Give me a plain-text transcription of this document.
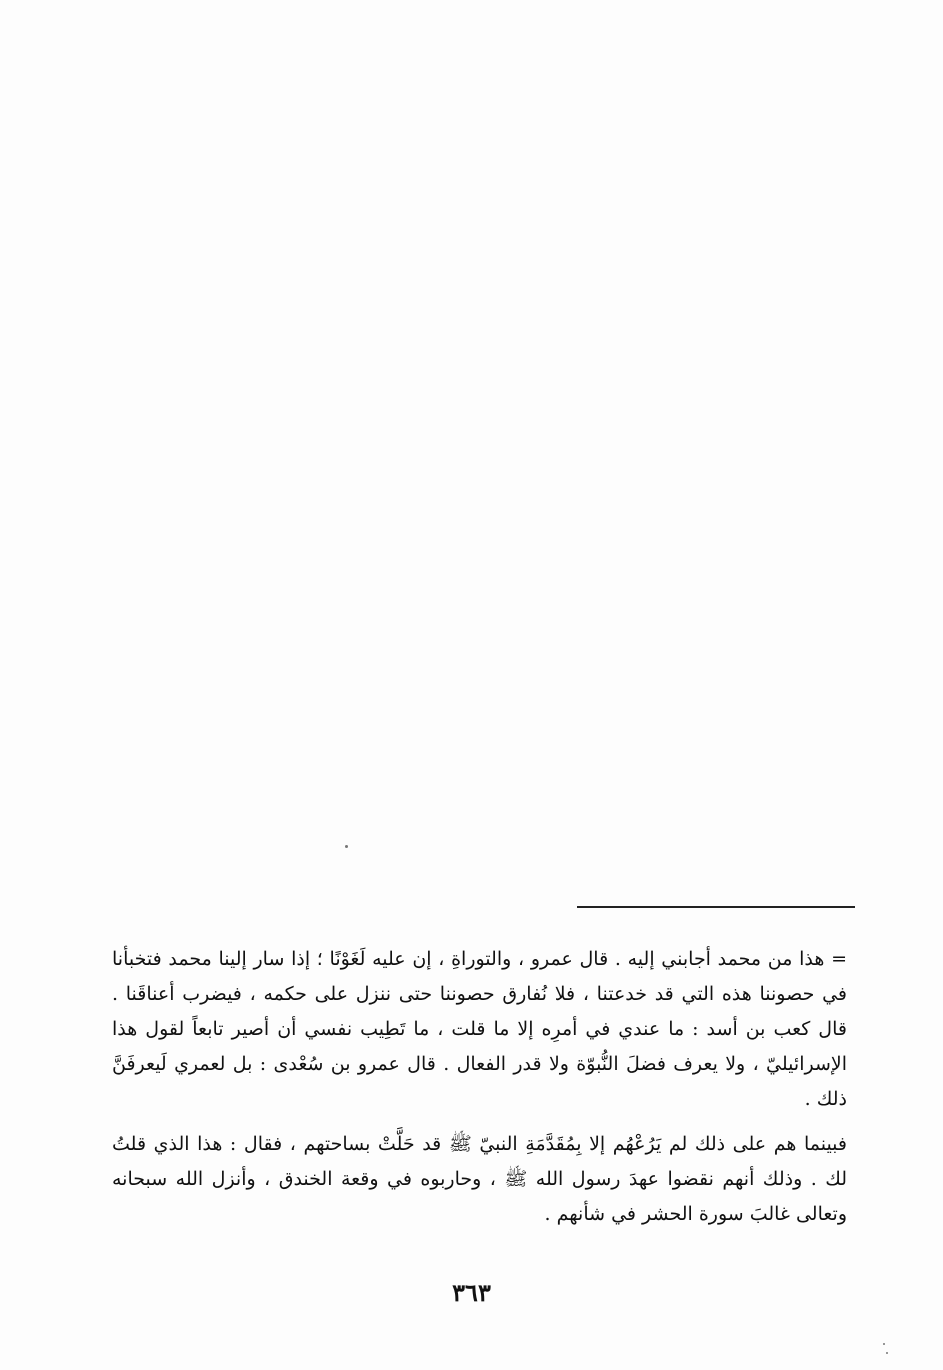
= هذا من محمد أجابني إليه . قال عمرو ، والتوراةِ ، إن عليه لَغَوْنًا ؛ إذا سار إلينا محمد فتخبأنا في حصوننا هذه التي قد خدعتنا ، فلا نُفارق حصوننا حتى ننزل على حكمه ، فيضرب أعناقَنا . قال كعب بن أسد : ما عندي في أمرِه إلا ما قلت ، ما تَطِيب نفسي أن أصير تابعاً لقول هذا الإسرائيليّ ، ولا يعرف فضلَ النُّبوّة ولا قدر الفعال . قال عمرو بن سُعْدى : بل لعمري لَيعرفَنَّ ذلك .

فبينما هم على ذلك لم يَرُعْهُم إلا بِمُقَدَّمَةِ النبيّ ﷺ قد حَلَّتْ بساحتهم ، فقال : هذا الذي قلتُ لك . وذلك أنهم نقضوا عهدَ رسول الله ﷺ ، وحاربوه في وقعة الخندق ، وأنزل الله سبحانه وتعالى غالبَ سورة الحشر في شأنهم .

٣٦٣
